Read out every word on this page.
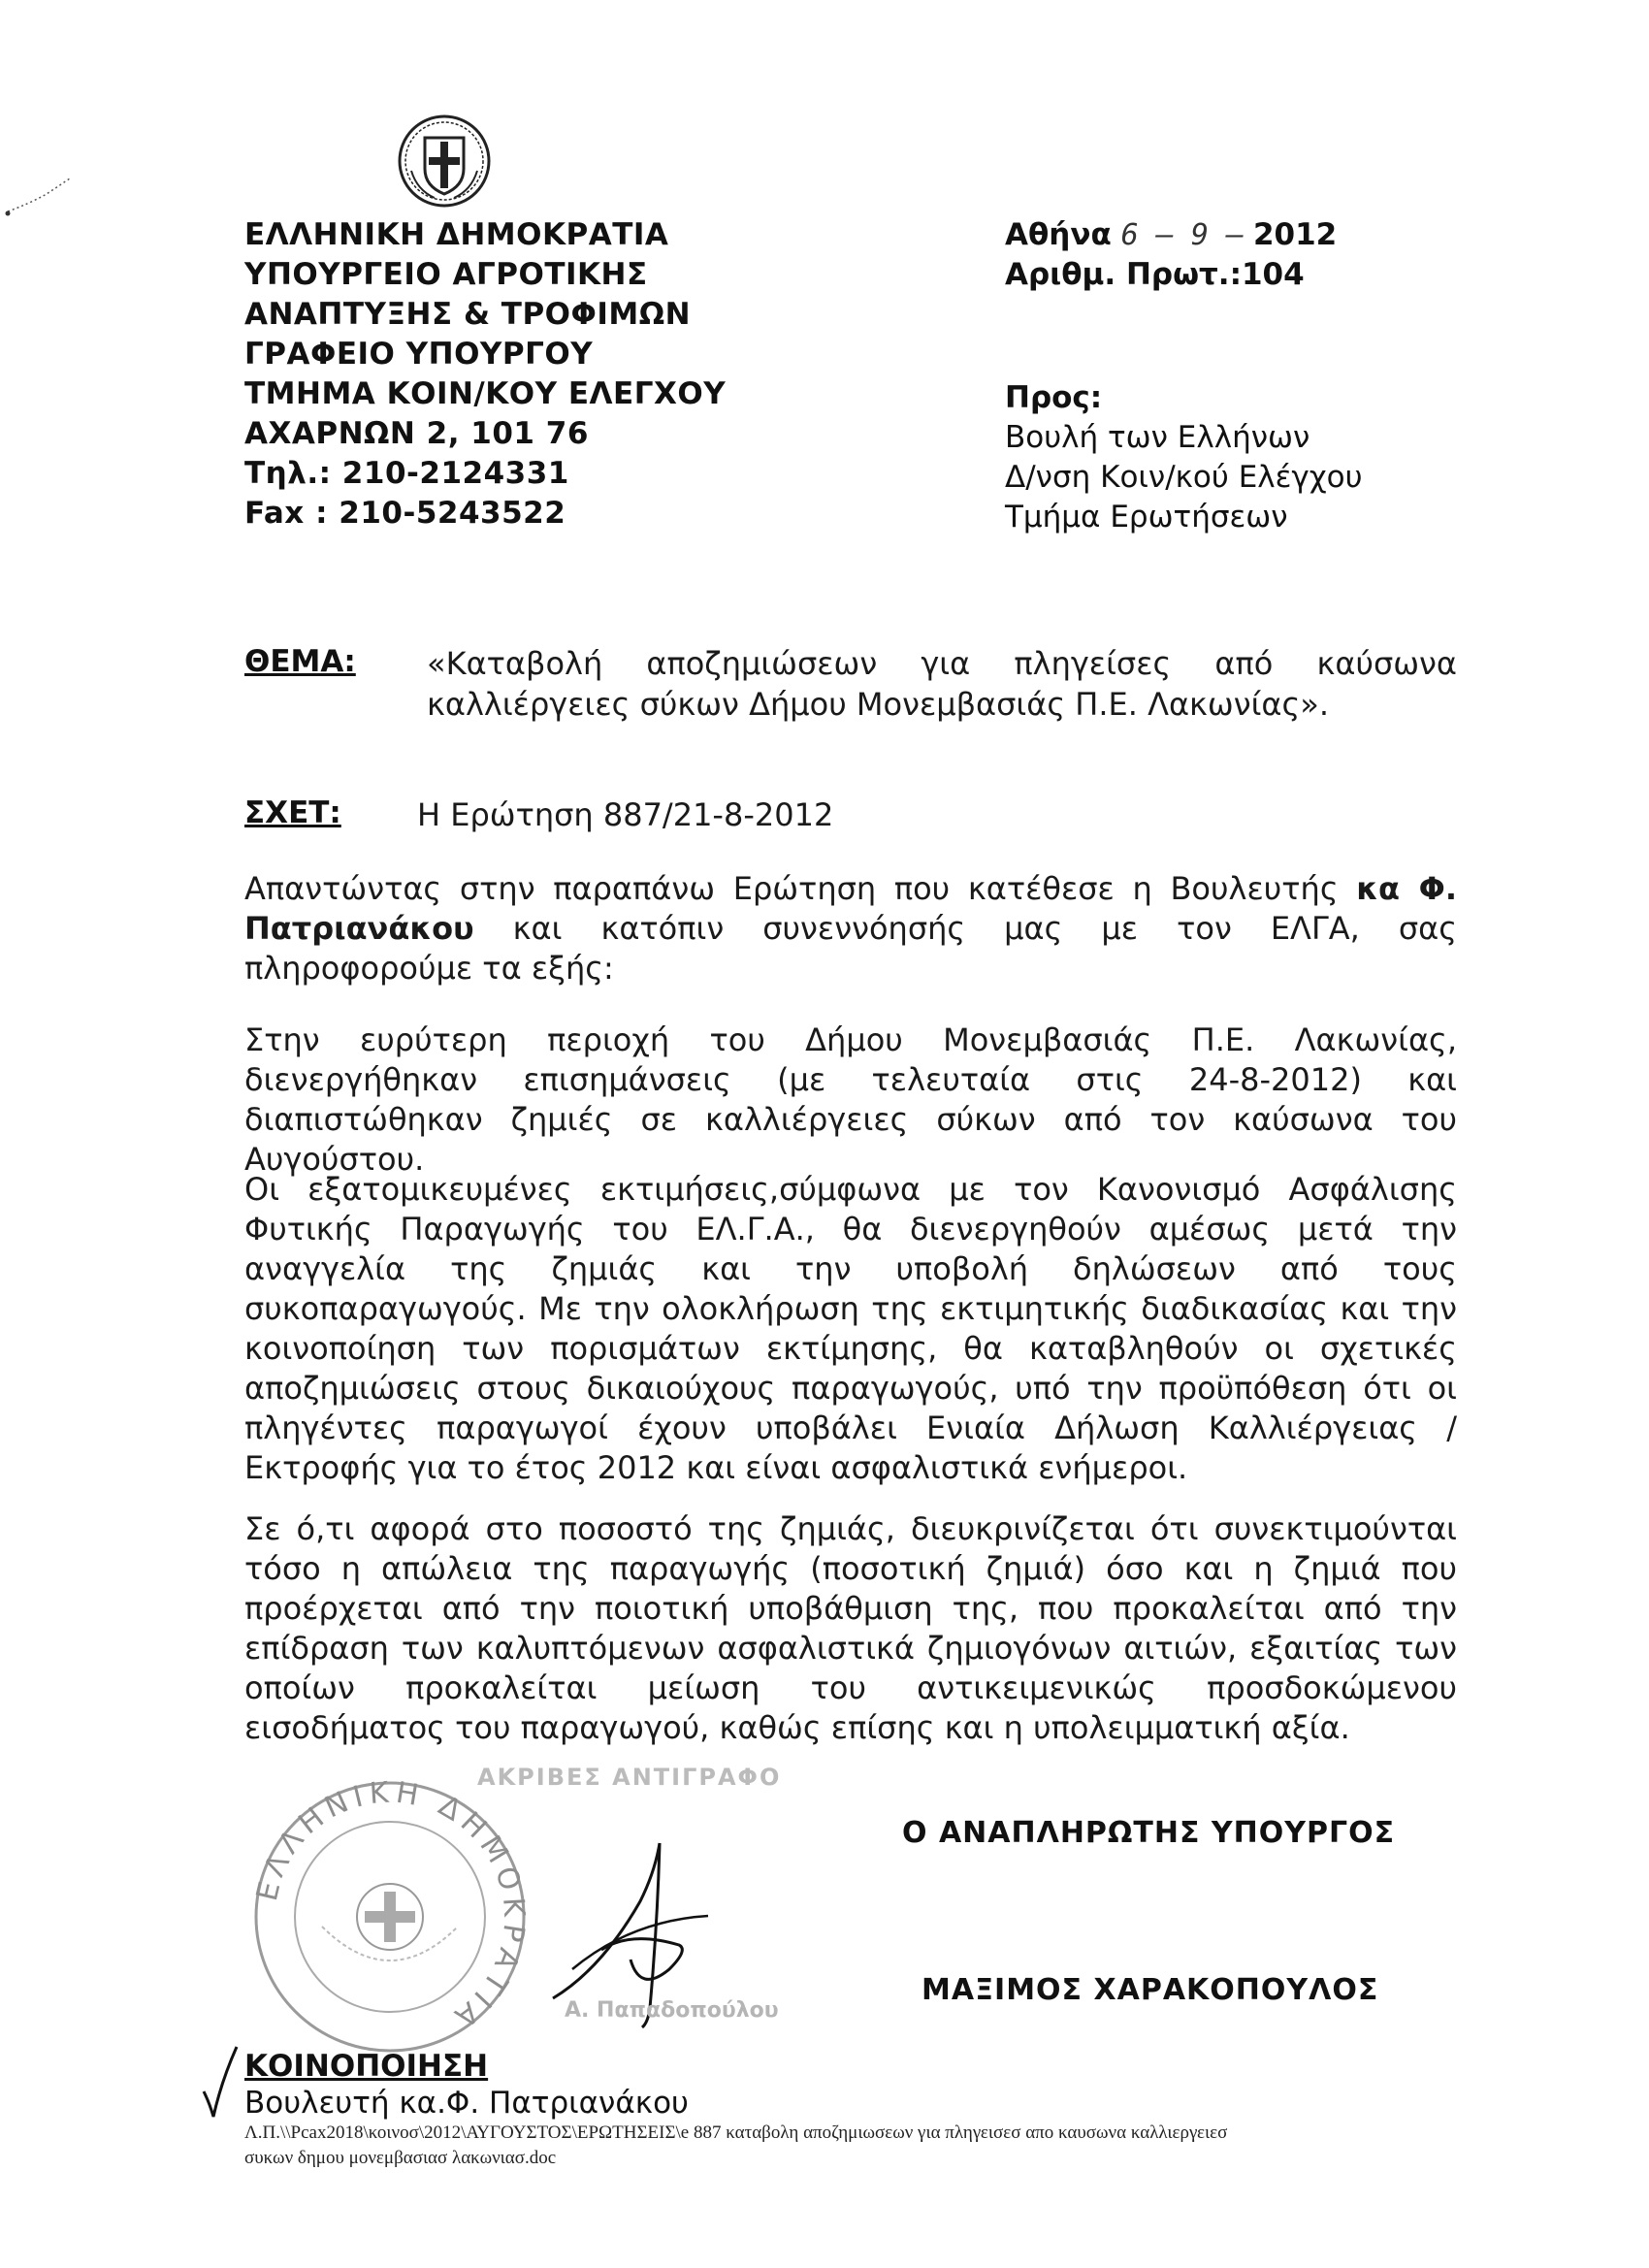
ΕΛΛΗΝΙΚΗ ΔΗΜΟΚΡΑΤΙΑ
ΥΠΟΥΡΓΕΙΟ ΑΓΡΟΤΙΚΗΣ
ΑΝΑΠΤΥΞΗΣ & ΤΡΟΦΙΜΩΝ
ΓΡΑΦΕΙΟ ΥΠΟΥΡΓΟΥ
ΤΜΗΜΑ ΚΟΙΝ/ΚΟΥ ΕΛΕΓΧΟΥ
ΑΧΑΡΝΩΝ 2, 101 76
Τηλ.: 210-2124331
Fax : 210-5243522
Αθήνα 6 – 9 – 2012
Αριθμ. Πρωτ.:104
Προς:
Βουλή των Ελλήνων
Δ/νση Κοιν/κού Ελέγχου
Τμήμα Ερωτήσεων
ΘΕΜΑ: «Καταβολή αποζημιώσεων για πληγείσες από καύσωνα
καλλιέργειες σύκων Δήμου Μονεμβασιάς Π.Ε. Λακωνίας».
ΣΧΕΤ: Η Ερώτηση 887/21-8-2012
Απαντώντας στην παραπάνω Ερώτηση που κατέθεσε η Βουλευτής κα Φ. Πατριανάκου και κατόπιν συνεννόησής μας με τον ΕΛΓΑ, σας πληροφορούμε τα εξής:
Στην ευρύτερη περιοχή του Δήμου Μονεμβασιάς Π.Ε. Λακωνίας, διενεργήθηκαν επισημάνσεις (με τελευταία στις 24-8-2012) και διαπιστώθηκαν ζημιές σε καλλιέργειες σύκων από τον καύσωνα του Αυγούστου.
Οι εξατομικευμένες εκτιμήσεις,σύμφωνα με τον Κανονισμό Ασφάλισης Φυτικής Παραγωγής του ΕΛ.Γ.Α., θα διενεργηθούν αμέσως μετά την αναγγελία της ζημιάς και την υποβολή δηλώσεων από τους συκοπαραγωγούς. Με την ολοκλήρωση της εκτιμητικής διαδικασίας και την κοινοποίηση των πορισμάτων εκτίμησης, θα καταβληθούν οι σχετικές αποζημιώσεις στους δικαιούχους παραγωγούς, υπό την προϋπόθεση ότι οι πληγέντες παραγωγοί έχουν υποβάλει Ενιαία Δήλωση Καλλιέργειας /Εκτροφής για το έτος 2012 και είναι ασφαλιστικά ενήμεροι.
Σε ό,τι αφορά στο ποσοστό της ζημιάς, διευκρινίζεται ότι συνεκτιμούνται τόσο η απώλεια της παραγωγής (ποσοτική ζημιά) όσο και η ζημιά που προέρχεται από την ποιοτική υποβάθμιση της, που προκαλείται από την επίδραση των καλυπτόμενων ασφαλιστικά ζημιογόνων αιτιών, εξαιτίας των οποίων προκαλείται μείωση του αντικειμενικώς προσδοκώμενου εισοδήματος του παραγωγού, καθώς επίσης και η υπολειμματική αξία.
ΑΚΡΙΒΕΣ ΑΝΤΙΓΡΑΦΟ
ΕΛΛΗΝΙΚΗ ΔΗΜΟΚΡΑΤΙΑ	Α. Παπαδοπούλου
Ο ΑΝΑΠΛΗΡΩΤΗΣ ΥΠΟΥΡΓΟΣ
ΜΑΞΙΜΟΣ ΧΑΡΑΚΟΠΟΥΛΟΣ
ΚΟΙΝΟΠΟΙΗΣΗ
Βουλευτή κα.Φ. Πατριανάκου
Λ.Π.\\Pcax2018\κοινοσ\2012\ΑΥΓΟΥΣΤΟΣ\ΕΡΩΤΗΣΕΙΣ\e 887 καταβολη αποζημιωσεων για πληγεισεσ απο καυσωνα καλλιεργειεσ
συκων δημου μονεμβασιασ λακωνιασ.doc
